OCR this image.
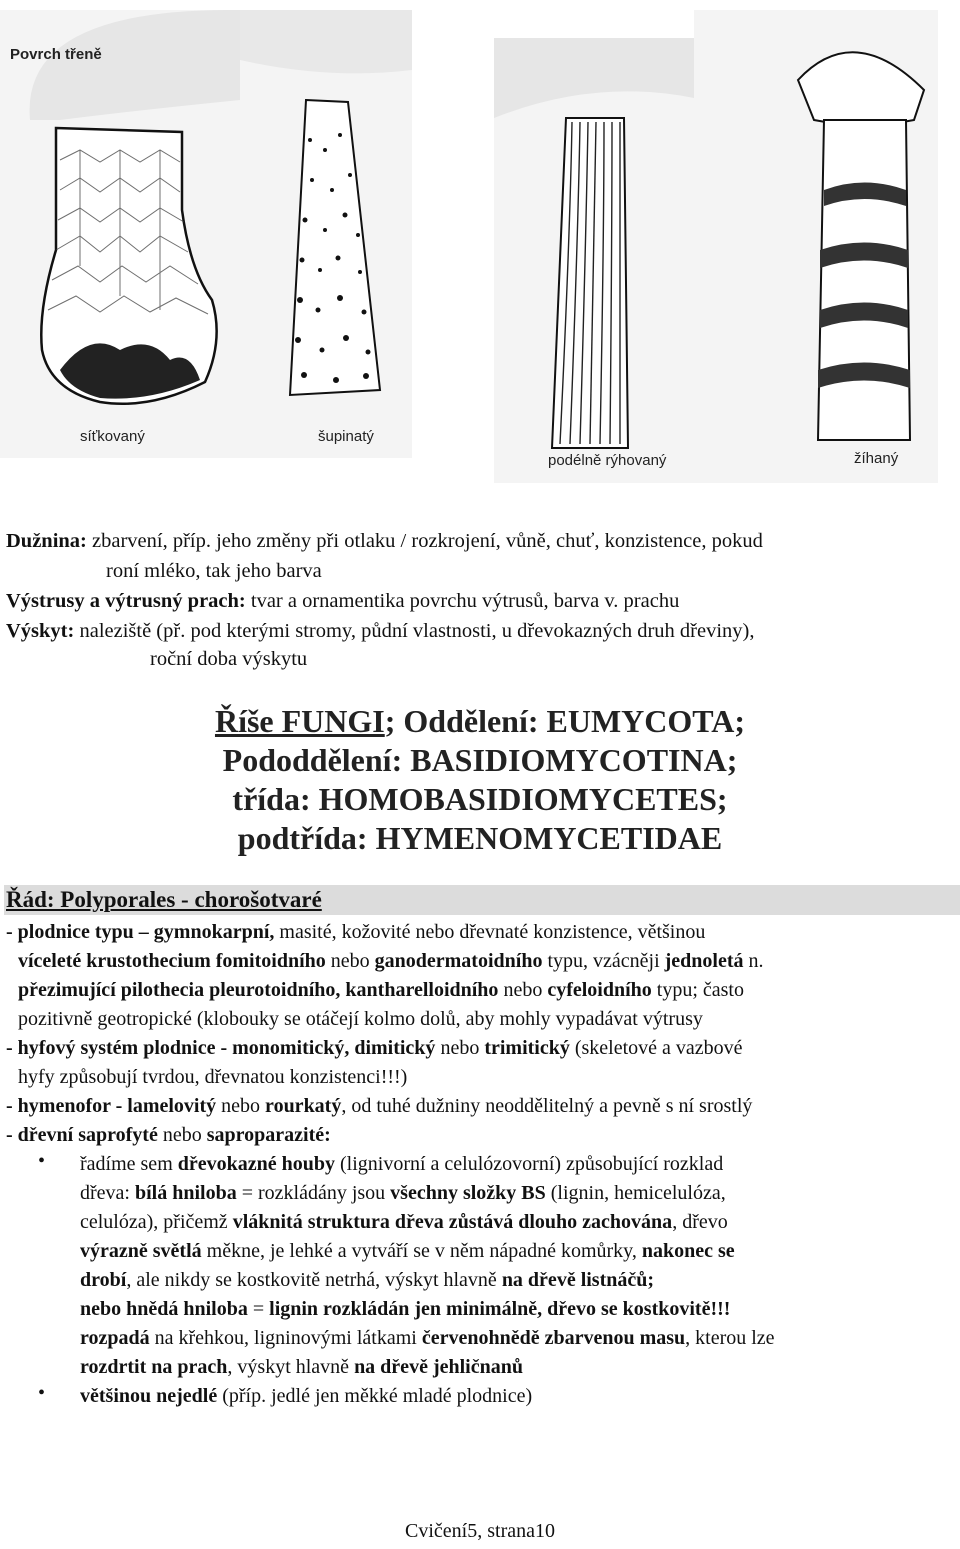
Povrch třeně
síťkovaný	šupinatý
podélně rýhovaný	žíhaný
Dužnina: zbarvení, příp. jeho změny při otlaku / rozkrojení, vůně, chuť, konzistence, pokud
roní mléko, tak jeho barva
Výstrusy a výtrusný prach: tvar a ornamentika povrchu výtrusů, barva v. prachu
Výskyt: naleziště (př. pod kterými stromy, půdní vlastnosti, u dřevokazných druh dřeviny),
roční doba výskytu
Říše FUNGI; Oddělení: EUMYCOTA;
Pododdělení: BASIDIOMYCOTINA;
třída: HOMOBASIDIOMYCETES;
podtřída: HYMENOMYCETIDAE
Řád: Polyporales - chorošotvaré
- plodnice typu – gymnokarpní, masité, kožovité nebo dřevnaté konzistence, většinou
víceleté krustothecium fomitoidního nebo ganodermatoidního typu, vzácněji jednoletá n.
přezimující pilothecia pleurotoidního, kantharelloidního nebo cyfeloidního typu; často
pozitivně geotropické (klobouky se otáčejí kolmo dolů, aby mohly vypadávat výtrusy
- hyfový systém plodnice - monomitický, dimitický nebo trimitický (skeletové a vazbové
hyfy způsobují tvrdou, dřevnatou konzistenci!!!)
- hymenofor - lamelovitý nebo rourkatý, od tuhé dužniny neoddělitelný a pevně s ní srostlý
- dřevní saprofyté nebo saproparazité:
• řadíme sem dřevokazné houby (lignivorní a celulózovorní) způsobující rozklad
dřeva: bílá hniloba = rozkládány jsou všechny složky BS (lignin, hemicelulóza,
celulóza), přičemž vláknitá struktura dřeva zůstává dlouho zachována, dřevo
výrazně světlá měkne, je lehké a vytváří se v něm nápadné komůrky, nakonec se
drobí, ale nikdy se kostkovitě netrhá, výskyt hlavně na dřevě listnáčů;
nebo hnědá hniloba = lignin rozkládán jen minimálně, dřevo se kostkovitě!!!
rozpadá na křehkou, ligninovými látkami červenohnědě zbarvenou masu, kterou lze
rozdrtit na prach, výskyt hlavně na dřevě jehličnanů
• většinou nejedlé (příp. jedlé jen měkké mladé plodnice)
Cvičení5, strana10
